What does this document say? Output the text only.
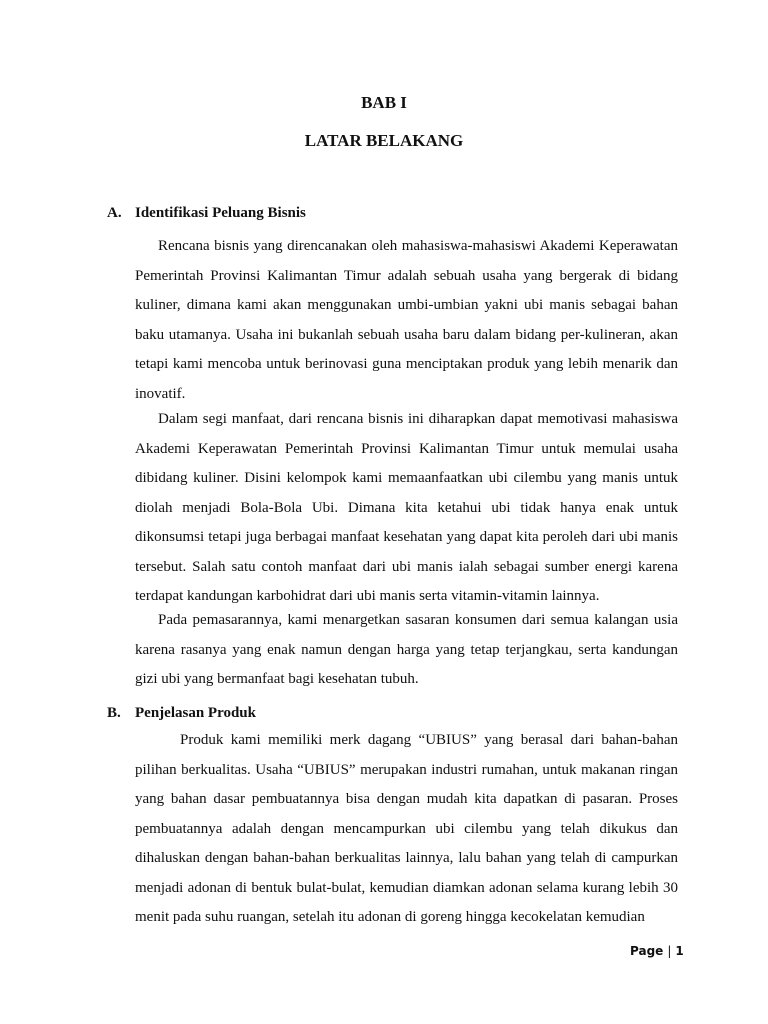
BAB I
LATAR BELAKANG
A. Identifikasi Peluang Bisnis

Rencana bisnis yang direncanakan oleh mahasiswa-mahasiswi Akademi Keperawatan Pemerintah Provinsi Kalimantan Timur adalah sebuah usaha yang bergerak di bidang kuliner, dimana kami akan menggunakan umbi-umbian yakni ubi manis sebagai bahan baku utamanya. Usaha ini bukanlah sebuah usaha baru dalam bidang per-kulineran, akan tetapi kami mencoba untuk berinovasi guna menciptakan produk yang lebih menarik dan inovatif.

Dalam segi manfaat, dari rencana bisnis ini diharapkan dapat memotivasi mahasiswa Akademi Keperawatan Pemerintah Provinsi Kalimantan Timur untuk memulai usaha dibidang kuliner. Disini kelompok kami memaanfaatkan ubi cilembu yang manis untuk diolah menjadi Bola-Bola Ubi. Dimana kita ketahui ubi tidak hanya enak untuk dikonsumsi tetapi juga berbagai manfaat kesehatan yang dapat kita peroleh dari ubi manis tersebut. Salah satu contoh manfaat dari ubi manis ialah sebagai sumber energi karena terdapat kandungan karbohidrat dari ubi manis serta vitamin-vitamin lainnya.

Pada pemasarannya, kami menargetkan sasaran konsumen dari semua kalangan usia karena rasanya yang enak namun dengan harga yang tetap terjangkau, serta kandungan gizi ubi yang bermanfaat bagi kesehatan tubuh.

B. Penjelasan Produk

Produk kami memiliki merk dagang “UBIUS” yang berasal dari bahan-bahan pilihan berkualitas. Usaha “UBIUS” merupakan industri rumahan, untuk makanan ringan yang bahan dasar pembuatannya bisa dengan mudah kita dapatkan di pasaran. Proses pembuatannya adalah dengan mencampurkan ubi cilembu yang telah dikukus dan dihaluskan dengan bahan-bahan berkualitas lainnya, lalu bahan yang telah di campurkan menjadi adonan di bentuk bulat-bulat, kemudian diamkan adonan selama kurang lebih 30 menit pada suhu ruangan, setelah itu adonan di goreng hingga kecokelatan kemudian

Page | 1
